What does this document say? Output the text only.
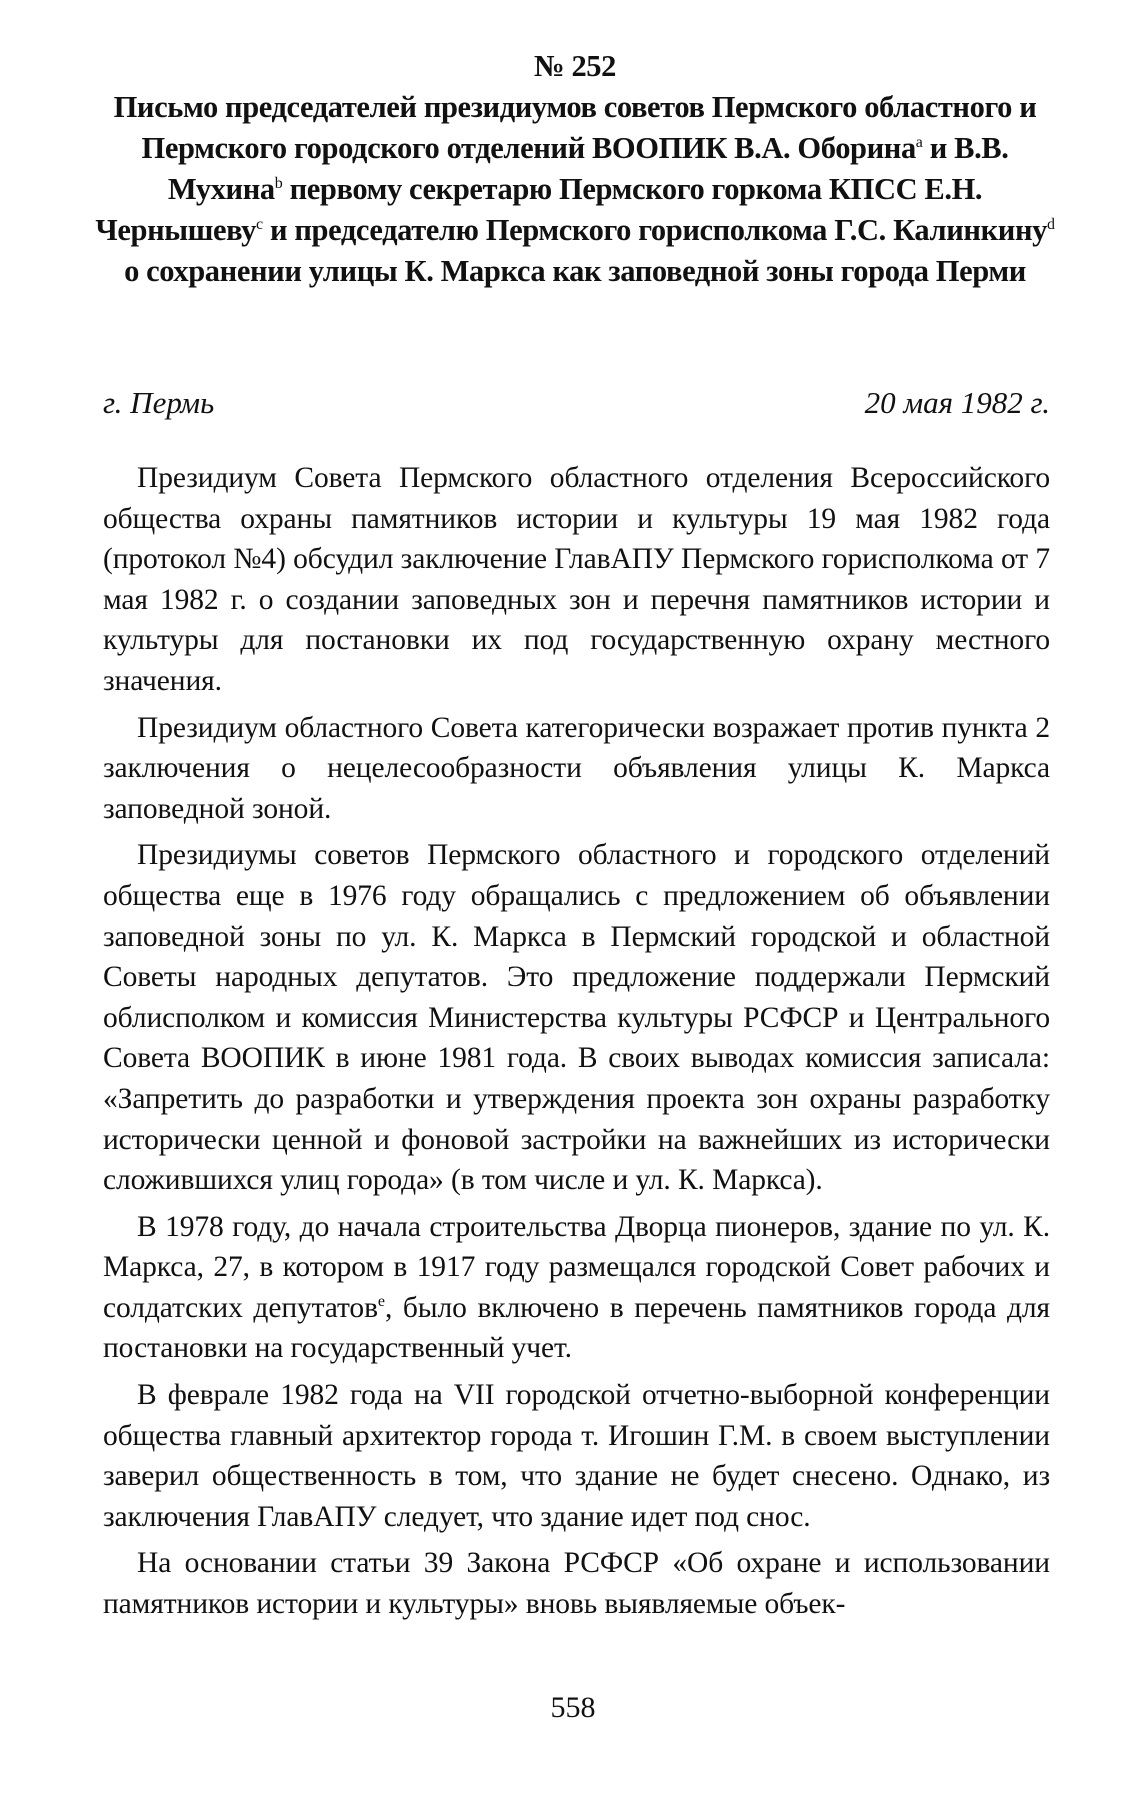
№ 252
Письмо председателей президиумов советов Пермского областного и Пермского городского отделений ВООПИК В.А. Оборина$^a$ и В.В. Мухина$^b$ первому секретарю Пермского горкома КПСС Е.Н. Чернышеву$^c$ и председателю Пермского горисполкома Г.С. Калинкину$^d$ о сохранении улицы К. Маркса как заповедной зоны города Перми
г. Пермь	20 мая 1982 г.

Президиум Совета Пермского областного отделения Всероссийского общества охраны памятников истории и культуры 19 мая 1982 года (протокол №4) обсудил заключение ГлавАПУ Пермского горисполкома от 7 мая 1982 г. о создании заповедных зон и перечня памятников истории и культуры для постановки их под государственную охрану местного значения.

Президиум областного Совета категорически возражает против пункта 2 заключения о нецелесообразности объявления улицы К. Маркса заповедной зоной.

Президиумы советов Пермского областного и городского отделений общества еще в 1976 году обращались с предложением об объявлении заповедной зоны по ул. К. Маркса в Пермский городской и областной Советы народных депутатов. Это предложение поддержали Пермский облисполком и комиссия Министерства культуры РСФСР и Центрального Совета ВООПИК в июне 1981 года. В своих выводах комиссия записала: «Запретить до разработки и утверждения проекта зон охраны разработку исторически ценной и фоновой застройки на важнейших из исторически сложившихся улиц города» (в том числе и ул. К. Маркса).

В 1978 году, до начала строительства Дворца пионеров, здание по ул. К. Маркса, 27, в котором в 1917 году размещался городской Совет рабочих и солдатских депутатов$^e$, было включено в перечень памятников города для постановки на государственный учет.

В феврале 1982 года на VII городской отчетно-выборной конференции общества главный архитектор города т. Игошин Г.М. в своем выступлении заверил общественность в том, что здание не будет снесено. Однако, из заключения ГлавАПУ следует, что здание идет под снос.

На основании статьи 39 Закона РСФСР «Об охране и использовании памятников истории и культуры» вновь выявляемые объек-

558
